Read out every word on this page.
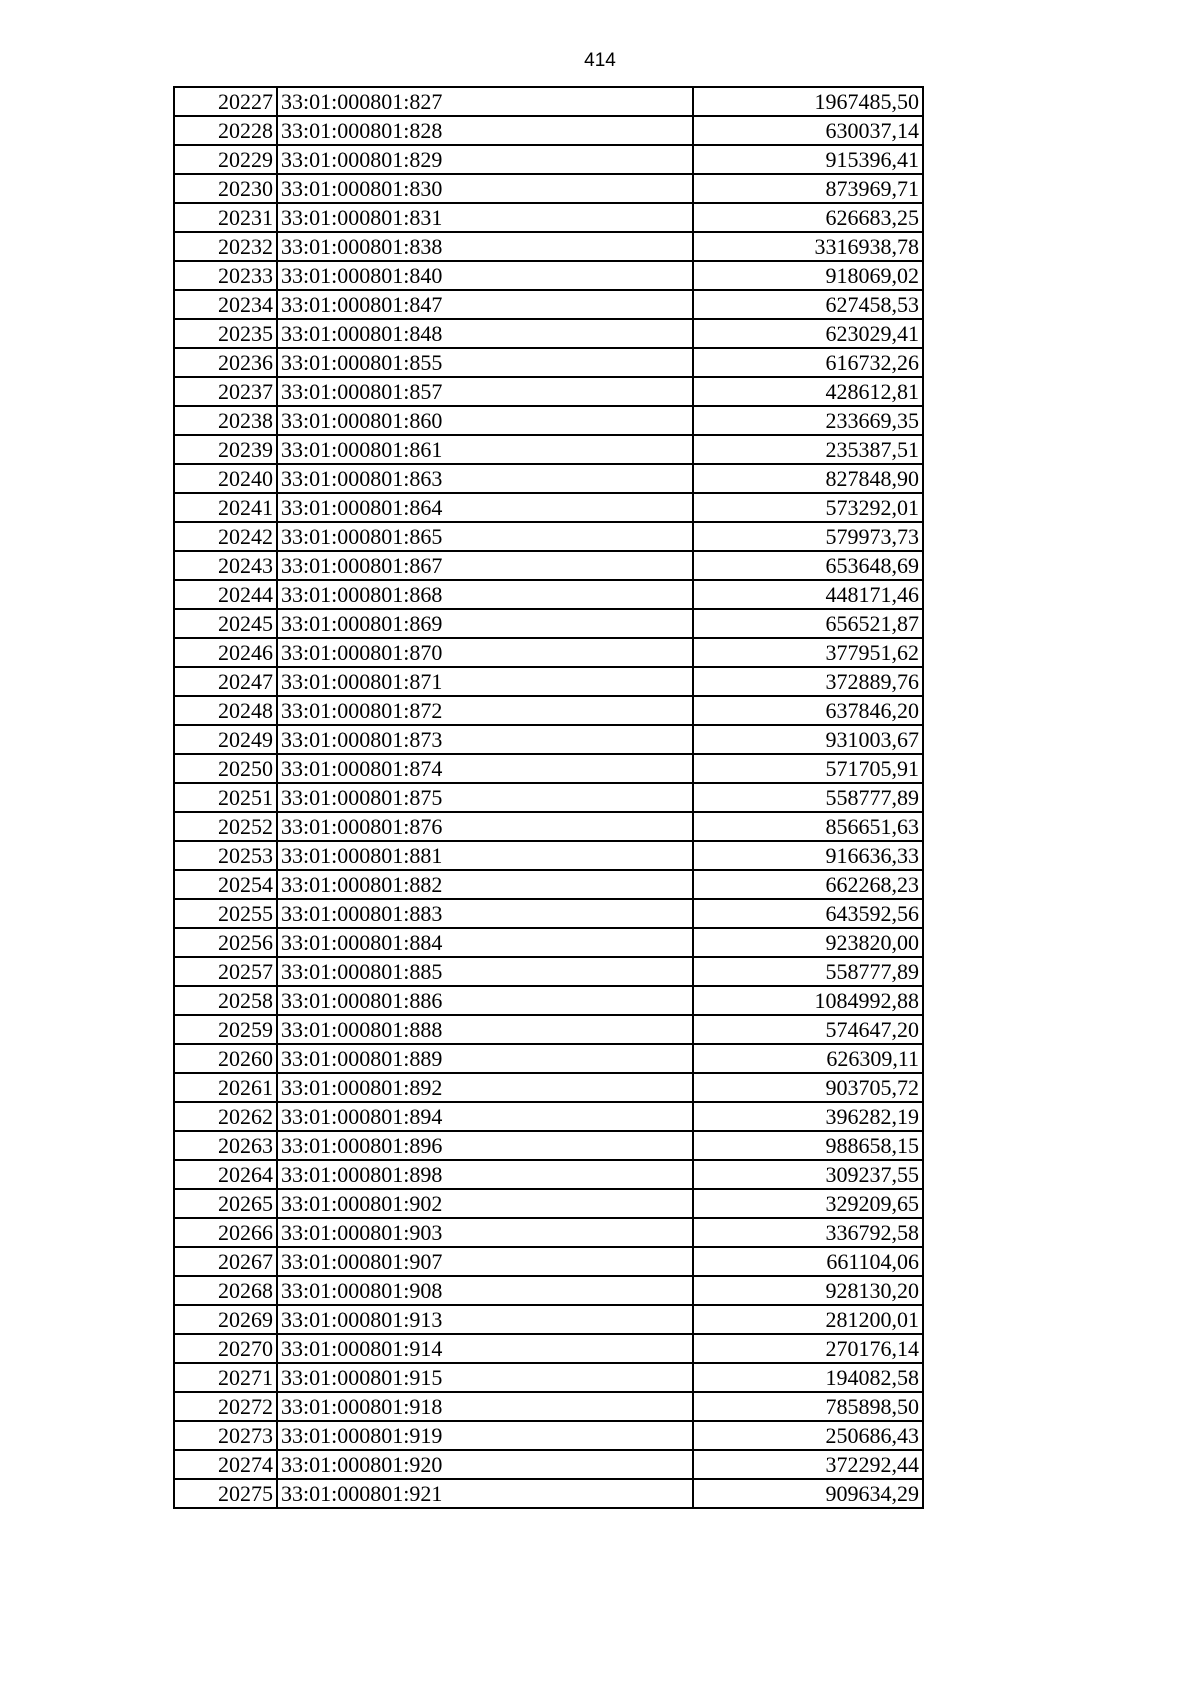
414
20227	33:01:000801:827	1967485,50
20228	33:01:000801:828	630037,14
20229	33:01:000801:829	915396,41
20230	33:01:000801:830	873969,71
20231	33:01:000801:831	626683,25
20232	33:01:000801:838	3316938,78
20233	33:01:000801:840	918069,02
20234	33:01:000801:847	627458,53
20235	33:01:000801:848	623029,41
20236	33:01:000801:855	616732,26
20237	33:01:000801:857	428612,81
20238	33:01:000801:860	233669,35
20239	33:01:000801:861	235387,51
20240	33:01:000801:863	827848,90
20241	33:01:000801:864	573292,01
20242	33:01:000801:865	579973,73
20243	33:01:000801:867	653648,69
20244	33:01:000801:868	448171,46
20245	33:01:000801:869	656521,87
20246	33:01:000801:870	377951,62
20247	33:01:000801:871	372889,76
20248	33:01:000801:872	637846,20
20249	33:01:000801:873	931003,67
20250	33:01:000801:874	571705,91
20251	33:01:000801:875	558777,89
20252	33:01:000801:876	856651,63
20253	33:01:000801:881	916636,33
20254	33:01:000801:882	662268,23
20255	33:01:000801:883	643592,56
20256	33:01:000801:884	923820,00
20257	33:01:000801:885	558777,89
20258	33:01:000801:886	1084992,88
20259	33:01:000801:888	574647,20
20260	33:01:000801:889	626309,11
20261	33:01:000801:892	903705,72
20262	33:01:000801:894	396282,19
20263	33:01:000801:896	988658,15
20264	33:01:000801:898	309237,55
20265	33:01:000801:902	329209,65
20266	33:01:000801:903	336792,58
20267	33:01:000801:907	661104,06
20268	33:01:000801:908	928130,20
20269	33:01:000801:913	281200,01
20270	33:01:000801:914	270176,14
20271	33:01:000801:915	194082,58
20272	33:01:000801:918	785898,50
20273	33:01:000801:919	250686,43
20274	33:01:000801:920	372292,44
20275	33:01:000801:921	909634,29
